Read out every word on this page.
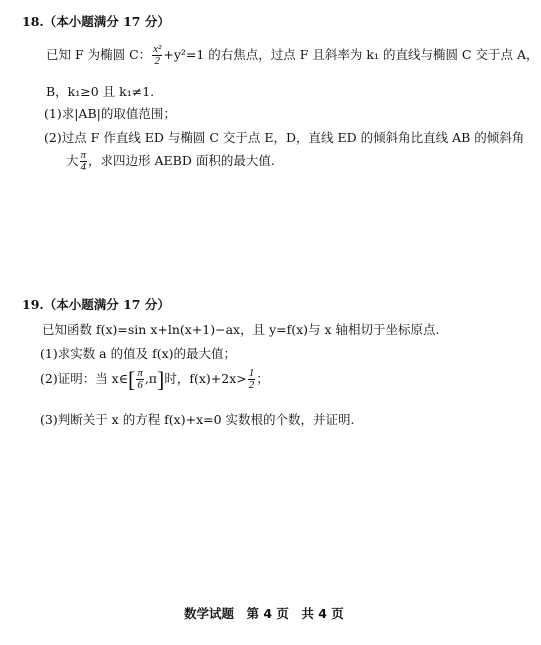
18.（本小题满分 17 分）
已知 F 为椭圆 C： $\frac{\text{x²}}{2} +y^2=1$ 的右焦点，过点 F 且斜率为 k₁ 的直线与椭圆 C 交于点 A，
B，k₁≥0 且 k₁≠1.
(1)求|AB|的取值范围；
(2)过点 F 作直线 ED 与椭圆 C 交于点 E，D，直线 ED 的倾斜角比直线 AB 的倾斜角
大 $\frac{\pi}{4}$ ，求四边形 AEBD 面积的最大值.
19.（本小题满分 17 分）
已知函数 f(x)=sin x+ln(x+1)−ax，且 y=f(x)与 x 轴相切于坐标原点.
(1)求实数 a 的值及 f(x)的最大值；
(2)证明：当 x∈[ $\frac{\pi}{6} ,\pi$]时，$f(x)+2x> \frac{1}{2}$ ；
(3)判断关于 x 的方程 f(x)+x=0 实数根的个数，并证明.
数学试题　第 4 页　共 4 页
